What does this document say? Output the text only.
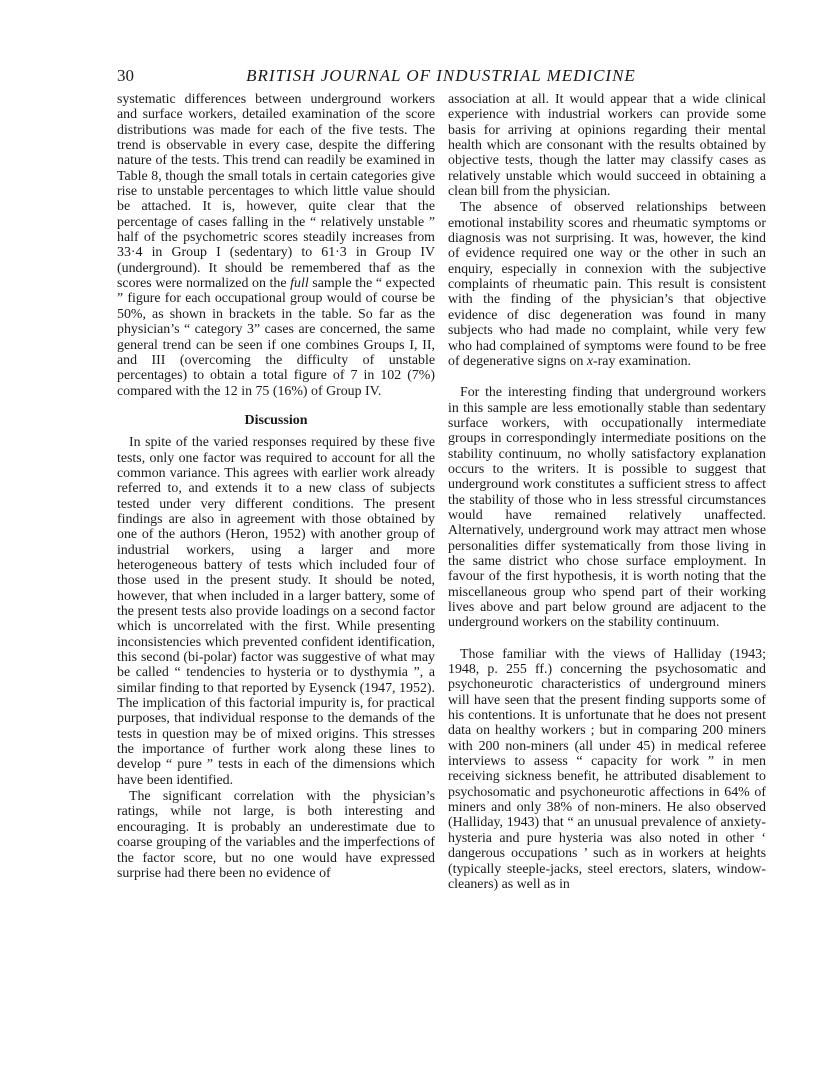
30	BRITISH JOURNAL OF INDUSTRIAL MEDICINE

systematic differences between underground workers and surface workers, detailed examination of the score distributions was made for each of the five tests. The trend is observable in every case, despite the differing nature of the tests. This trend can readily be examined in Table 8, though the small totals in certain categories give rise to unstable percentages to which little value should be attached. It is, however, quite clear that the percentage of cases falling in the “ relatively unstable ” half of the psychometric scores steadily increases from 33·4 in Group I (sedentary) to 61·3 in Group IV (underground). It should be remembered thaf as the scores were normalized on the full sample the “ expected ” figure for each occupational group would of course be 50%, as shown in brackets in the table. So far as the physician’s “ category 3” cases are concerned, the same general trend can be seen if one combines Groups I, II, and III (overcoming the difficulty of unstable percentages) to obtain a total figure of 7 in 102 (7%) compared with the 12 in 75 (16%) of Group IV.

Discussion

In spite of the varied responses required by these five tests, only one factor was required to account for all the common variance. This agrees with earlier work already referred to, and extends it to a new class of subjects tested under very different conditions. The present findings are also in agreement with those obtained by one of the authors (Heron, 1952) with another group of industrial workers, using a larger and more heterogeneous battery of tests which included four of those used in the present study. It should be noted, however, that when included in a larger battery, some of the present tests also provide loadings on a second factor which is uncorrelated with the first. While presenting inconsistencies which prevented confident identification, this second (bi-polar) factor was suggestive of what may be called “ tendencies to hysteria or to dysthymia ”, a similar finding to that reported by Eysenck (1947, 1952). The implication of this factorial impurity is, for practical purposes, that individual response to the demands of the tests in question may be of mixed origins. This stresses the importance of further work along these lines to develop “ pure ” tests in each of the dimensions which have been identified.

The significant correlation with the physician’s ratings, while not large, is both interesting and encouraging. It is probably an underestimate due to coarse grouping of the variables and the imperfections of the factor score, but no one would have expressed surprise had there been no evidence of

association at all. It would appear that a wide clinical experience with industrial workers can provide some basis for arriving at opinions regarding their mental health which are consonant with the results obtained by objective tests, though the latter may classify cases as relatively unstable which would succeed in obtaining a clean bill from the physician.

The absence of observed relationships between emotional instability scores and rheumatic symptoms or diagnosis was not surprising. It was, however, the kind of evidence required one way or the other in such an enquiry, especially in connexion with the subjective complaints of rheumatic pain. This result is consistent with the finding of the physician’s that objective evidence of disc degeneration was found in many subjects who had made no complaint, while very few who had complained of symptoms were found to be free of degenerative signs on x-ray examination.

For the interesting finding that underground workers in this sample are less emotionally stable than sedentary surface workers, with occupationally intermediate groups in correspondingly intermediate positions on the stability continuum, no wholly satisfactory explanation occurs to the writers. It is possible to suggest that underground work constitutes a sufficient stress to affect the stability of those who in less stressful circumstances would have remained relatively unaffected. Alternatively, underground work may attract men whose personalities differ systematically from those living in the same district who chose surface employment. In favour of the first hypothesis, it is worth noting that the miscellaneous group who spend part of their working lives above and part below ground are adjacent to the underground workers on the stability continuum.

Those familiar with the views of Halliday (1943; 1948, p. 255 ff.) concerning the psychosomatic and psychoneurotic characteristics of underground miners will have seen that the present finding supports some of his contentions. It is unfortunate that he does not present data on healthy workers ; but in comparing 200 miners with 200 non-miners (all under 45) in medical referee interviews to assess “ capacity for work ” in men receiving sickness benefit, he attributed disablement to psychosomatic and psychoneurotic affections in 64% of miners and only 38% of non-miners. He also observed (Halliday, 1943) that “ an unusual prevalence of anxiety-hysteria and pure hysteria was also noted in other ‘ dangerous occupations ’ such as in workers at heights (typically steeple-jacks, steel erectors, slaters, window-cleaners) as well as in
